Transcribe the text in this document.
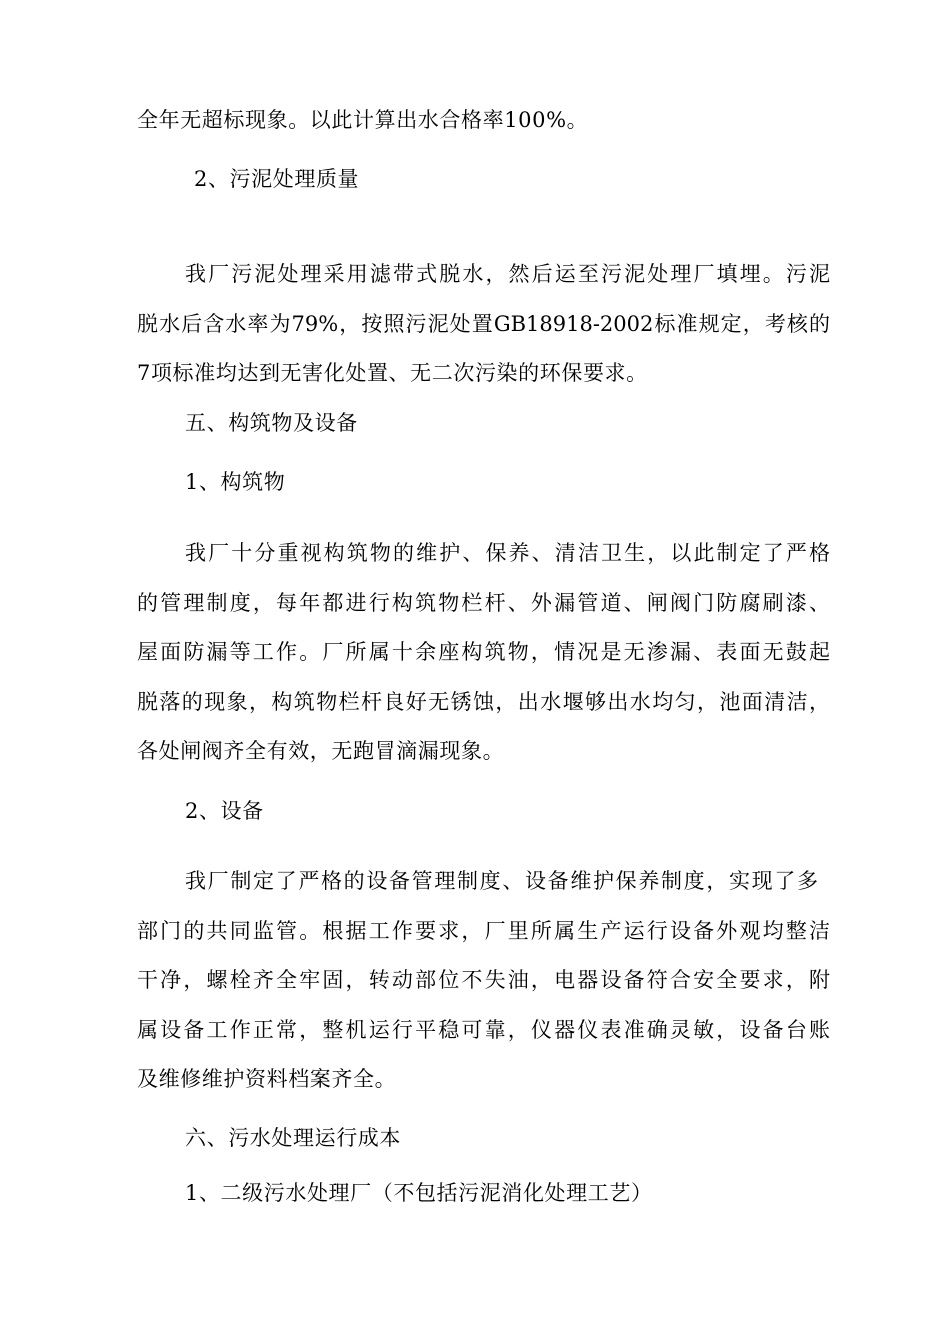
全年无超标现象。以此计算出水合格率100%。
2、污泥处理质量
我厂污泥处理采用滤带式脱水，然后运至污泥处理厂填埋。污泥
脱水后含水率为79%，按照污泥处置GB18918-2002标准规定，考核的
7项标准均达到无害化处置、无二次污染的环保要求。
五、构筑物及设备
1、构筑物
我厂十分重视构筑物的维护、保养、清洁卫生，以此制定了严格
的管理制度，每年都进行构筑物栏杆、外漏管道、闸阀门防腐刷漆、
屋面防漏等工作。厂所属十余座构筑物，情况是无渗漏、表面无鼓起
脱落的现象，构筑物栏杆良好无锈蚀，出水堰够出水均匀，池面清洁，
各处闸阀齐全有效，无跑冒滴漏现象。
2、设备
我厂制定了严格的设备管理制度、设备维护保养制度，实现了多
部门的共同监管。根据工作要求，厂里所属生产运行设备外观均整洁
干净，螺栓齐全牢固，转动部位不失油，电器设备符合安全要求，附
属设备工作正常，整机运行平稳可靠，仪器仪表准确灵敏，设备台账
及维修维护资料档案齐全。
六、污水处理运行成本
1、二级污水处理厂（不包括污泥消化处理工艺）
